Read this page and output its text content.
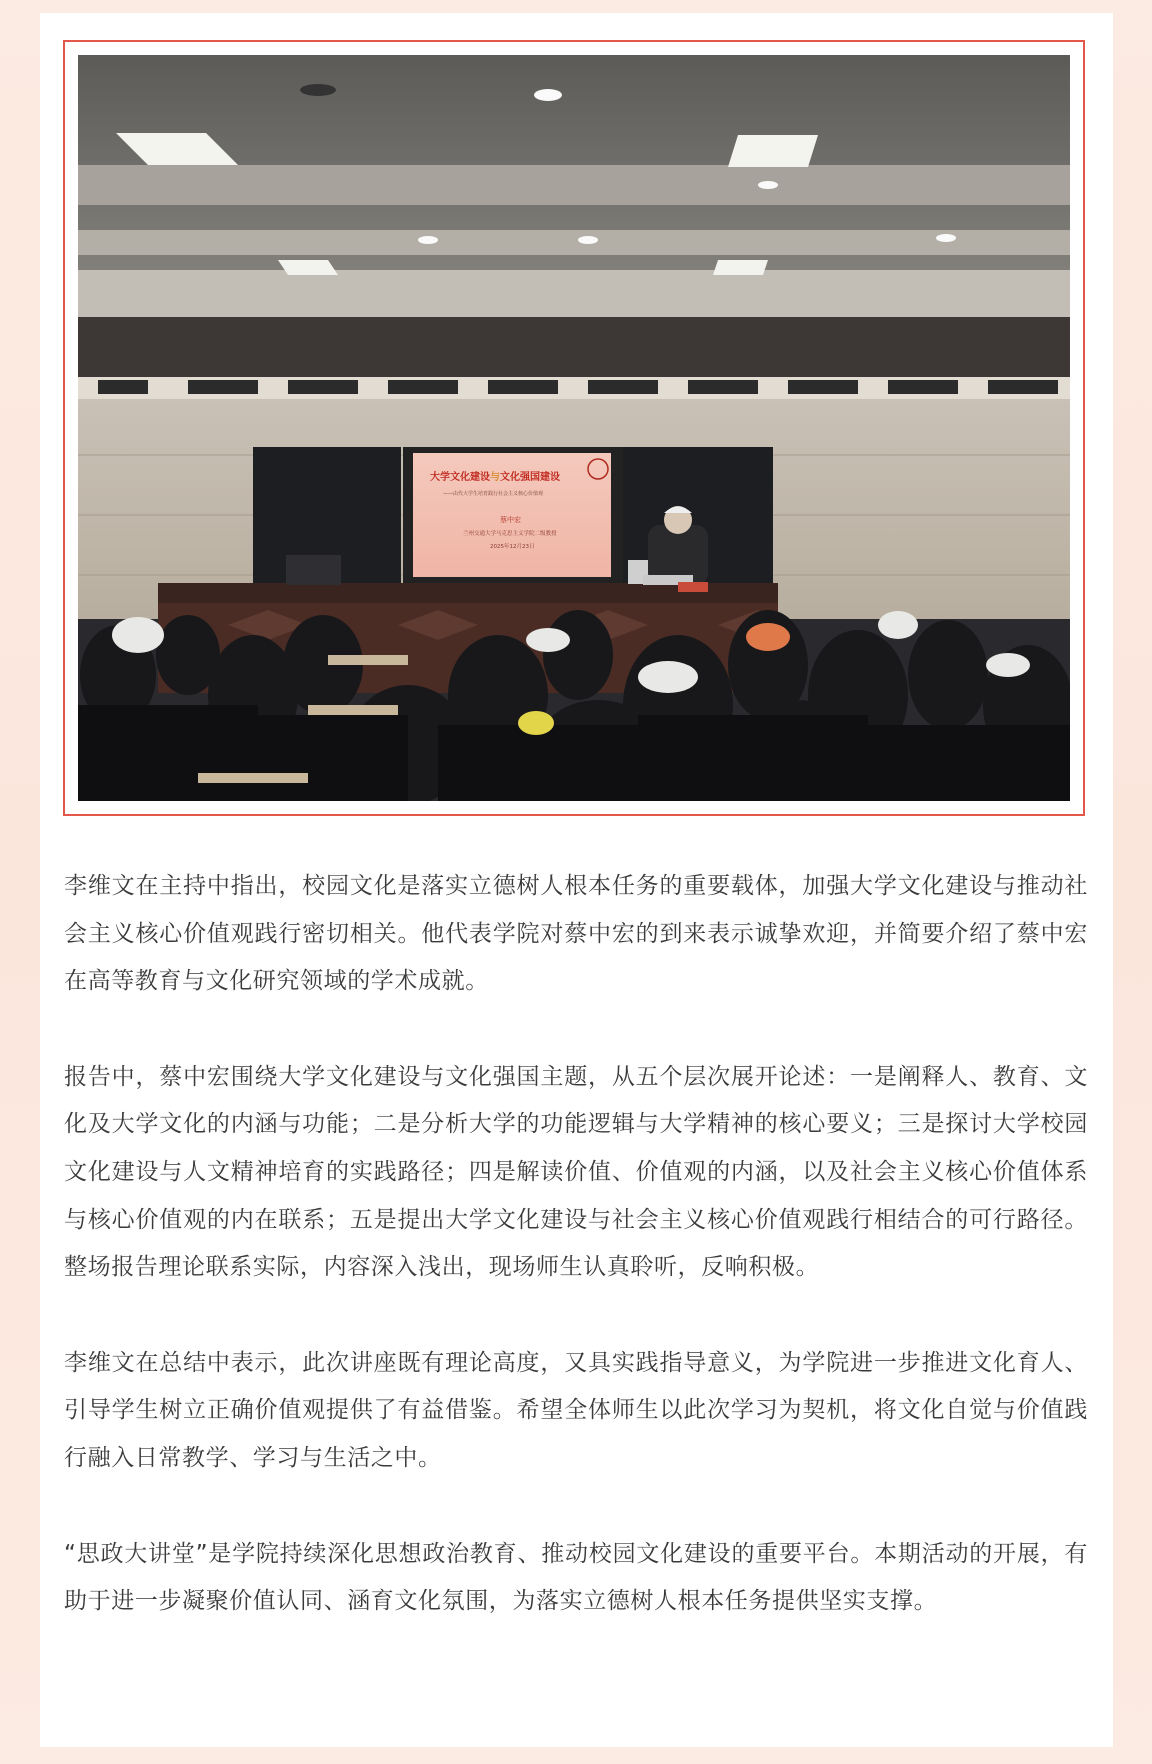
大学文化建设与文化强国建设
——由代大学生培育践行社会主义核心价值观
蔡中宏
兰州交通大学马克思主义学院二级教授
2025年12月23日

李维文在主持中指出，校园文化是落实立德树人根本任务的重要载体，加强大学文化建设与推动社会主义核心价值观践行密切相关。他代表学院对蔡中宏的到来表示诚挚欢迎，并简要介绍了蔡中宏在高等教育与文化研究领域的学术成就。

报告中，蔡中宏围绕大学文化建设与文化强国主题，从五个层次展开论述：一是阐释人、教育、文化及大学文化的内涵与功能；二是分析大学的功能逻辑与大学精神的核心要义；三是探讨大学校园文化建设与人文精神培育的实践路径；四是解读价值、价值观的内涵，以及社会主义核心价值体系与核心价值观的内在联系；五是提出大学文化建设与社会主义核心价值观践行相结合的可行路径。整场报告理论联系实际，内容深入浅出，现场师生认真聆听，反响积极。

李维文在总结中表示，此次讲座既有理论高度，又具实践指导意义，为学院进一步推进文化育人、引导学生树立正确价值观提供了有益借鉴。希望全体师生以此次学习为契机，将文化自觉与价值践行融入日常教学、学习与生活之中。

“思政大讲堂”是学院持续深化思想政治教育、推动校园文化建设的重要平台。本期活动的开展，有助于进一步凝聚价值认同、涵育文化氛围，为落实立德树人根本任务提供坚实支撑。
